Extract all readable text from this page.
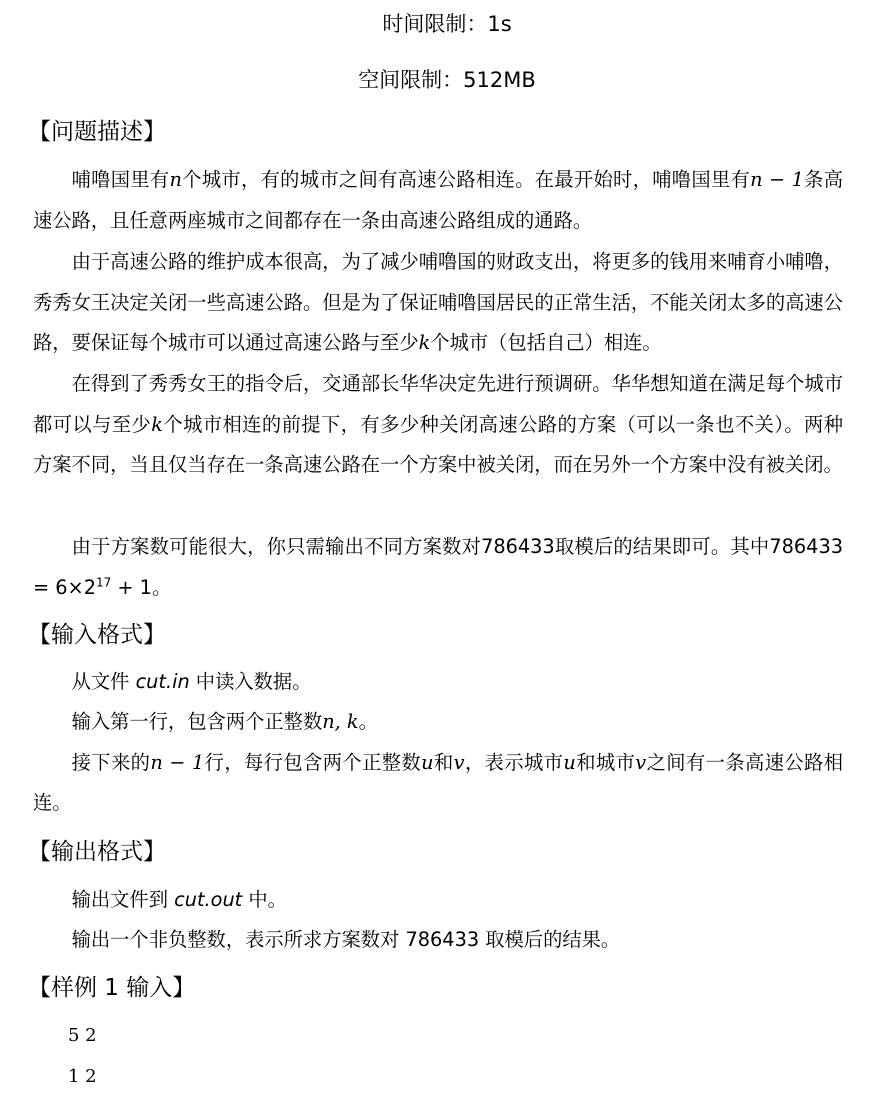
时间限制：1s
空间限制：512MB
【问题描述】
哺噜国里有n个城市，有的城市之间有高速公路相连。在最开始时，哺噜国里有n − 1条高速公路，且任意两座城市之间都存在一条由高速公路组成的通路。
由于高速公路的维护成本很高，为了减少哺噜国的财政支出，将更多的钱用来哺育小哺噜，秀秀女王决定关闭一些高速公路。但是为了保证哺噜国居民的正常生活，不能关闭太多的高速公路，要保证每个城市可以通过高速公路与至少k个城市（包括自己）相连。
在得到了秀秀女王的指令后，交通部长华华决定先进行预调研。华华想知道在满足每个城市都可以与至少k个城市相连的前提下，有多少种关闭高速公路的方案（可以一条也不关）。两种方案不同，当且仅当存在一条高速公路在一个方案中被关闭，而在另外一个方案中没有被关闭。
由于方案数可能很大，你只需输出不同方案数对786433取模后的结果即可。其中$786433 = 6\times 2^{17} + 1$。
【输入格式】
从文件 cut.in 中读入数据。
输入第一行，包含两个正整数n, k。
接下来的n − 1行，每行包含两个正整数u和v，表示城市u和城市v之间有一条高速公路相连。
【输出格式】
输出文件到 cut.out 中。
输出一个非负整数，表示所求方案数对 786433 取模后的结果。
【样例 1 输入】
5 2
1 2
